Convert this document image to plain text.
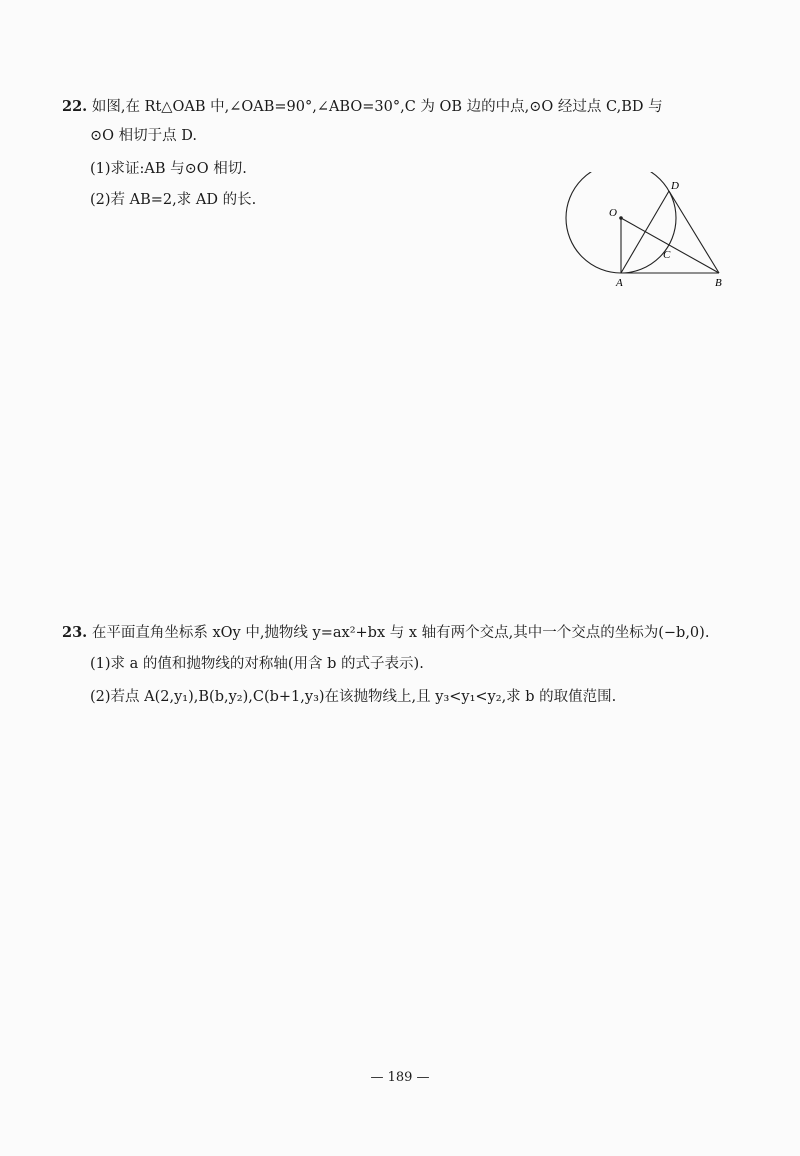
22. 如图,在 Rt△OAB 中,∠OAB=90°,∠ABO=30°,C 为 OB 边的中点,⊙O 经过点 C,BD 与
⊙O 相切于点 D.
(1)求证:AB 与⊙O 相切.
(2)若 AB=2,求 AD 的长.
O
A	B
C
D
23. 在平面直角坐标系 xOy 中,抛物线 y=ax²+bx 与 x 轴有两个交点,其中一个交点的坐标为(−b,0).
(1)求 a 的值和抛物线的对称轴(用含 b 的式子表示).
(2)若点 A(2,y₁),B(b,y₂),C(b+1,y₃)在该抛物线上,且 y₃<y₁<y₂,求 b 的取值范围.
— 189 —
